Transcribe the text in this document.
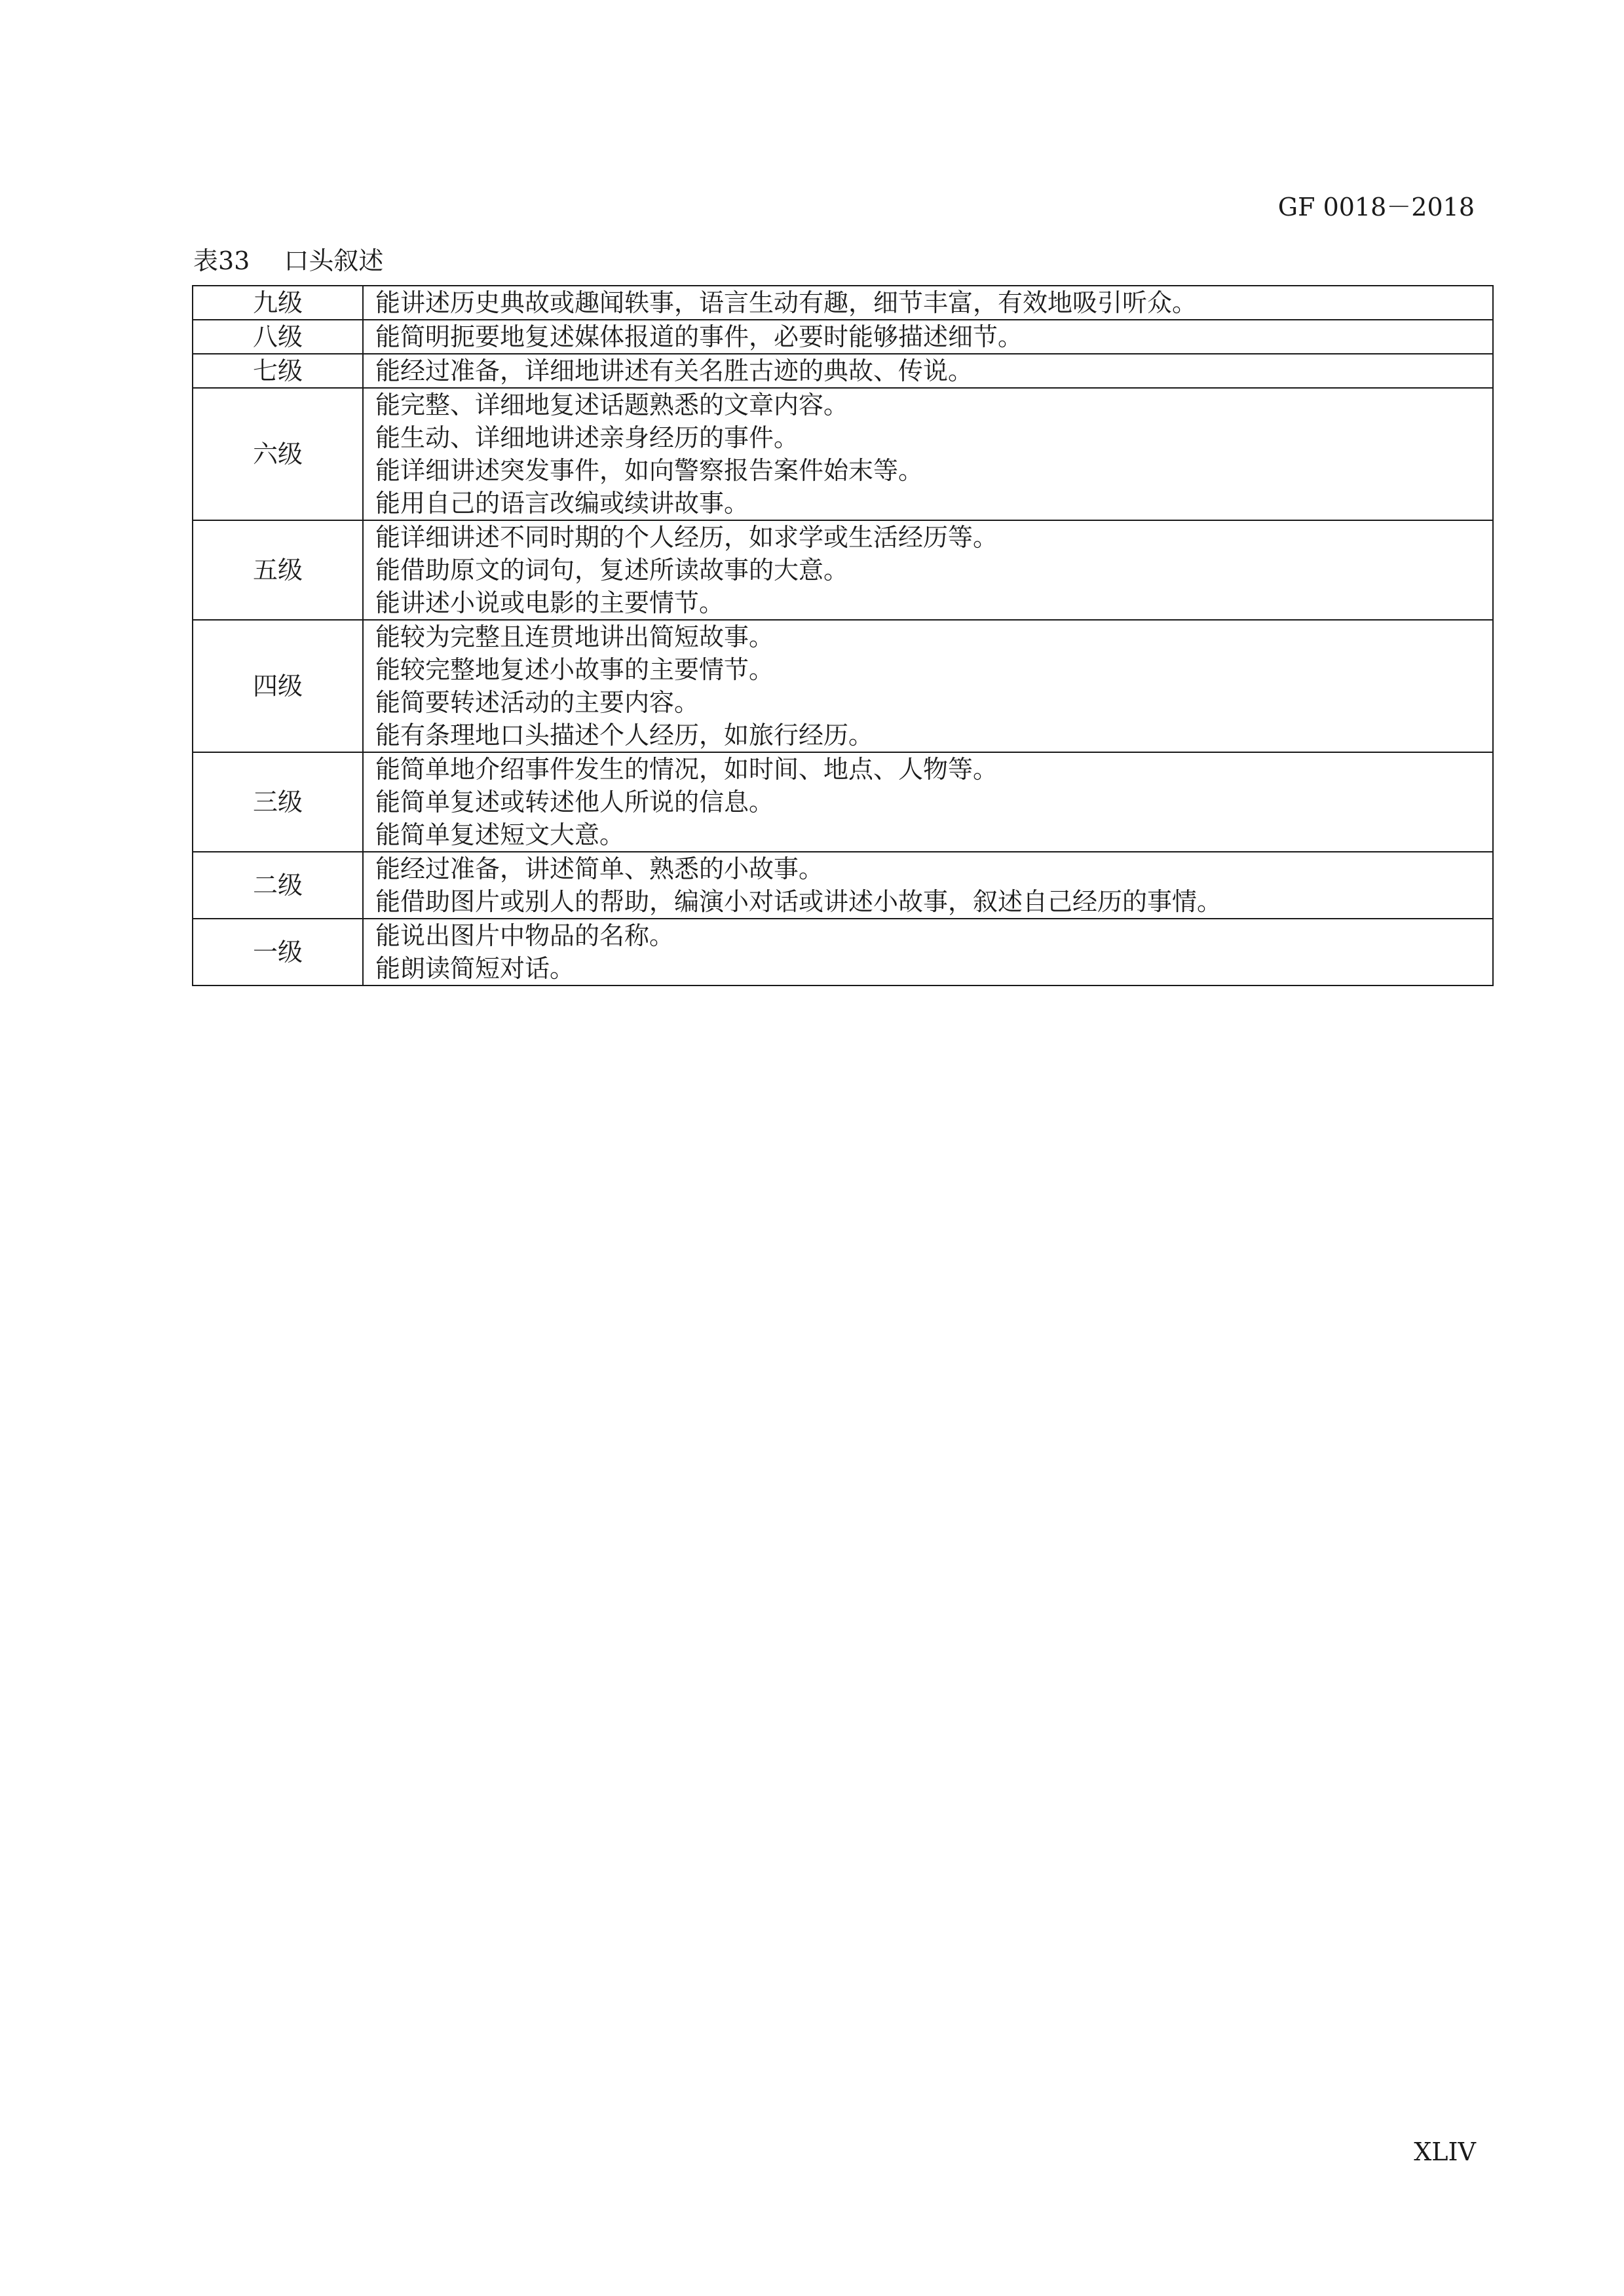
GF 0018－2018
表33 口头叙述
九级	能讲述历史典故或趣闻轶事，语言生动有趣，细节丰富，有效地吸引听众。

八级	能简明扼要地复述媒体报道的事件，必要时能够描述细节。

七级	能经过准备，详细地讲述有关名胜古迹的典故、传说。

六级	能完整、详细地复述话题熟悉的文章内容。
能生动、详细地讲述亲身经历的事件。
能详细讲述突发事件，如向警察报告案件始末等。
能用自己的语言改编或续讲故事。

五级	能详细讲述不同时期的个人经历，如求学或生活经历等。
能借助原文的词句，复述所读故事的大意。
能讲述小说或电影的主要情节。

四级	能较为完整且连贯地讲出简短故事。
能较完整地复述小故事的主要情节。
能简要转述活动的主要内容。
能有条理地口头描述个人经历，如旅行经历。

三级	能简单地介绍事件发生的情况，如时间、地点、人物等。
能简单复述或转述他人所说的信息。
能简单复述短文大意。

二级	能经过准备，讲述简单、熟悉的小故事。
能借助图片或别人的帮助，编演小对话或讲述小故事，叙述自己经历的事情。

一级	能说出图片中物品的名称。
能朗读简短对话。
XLIV
